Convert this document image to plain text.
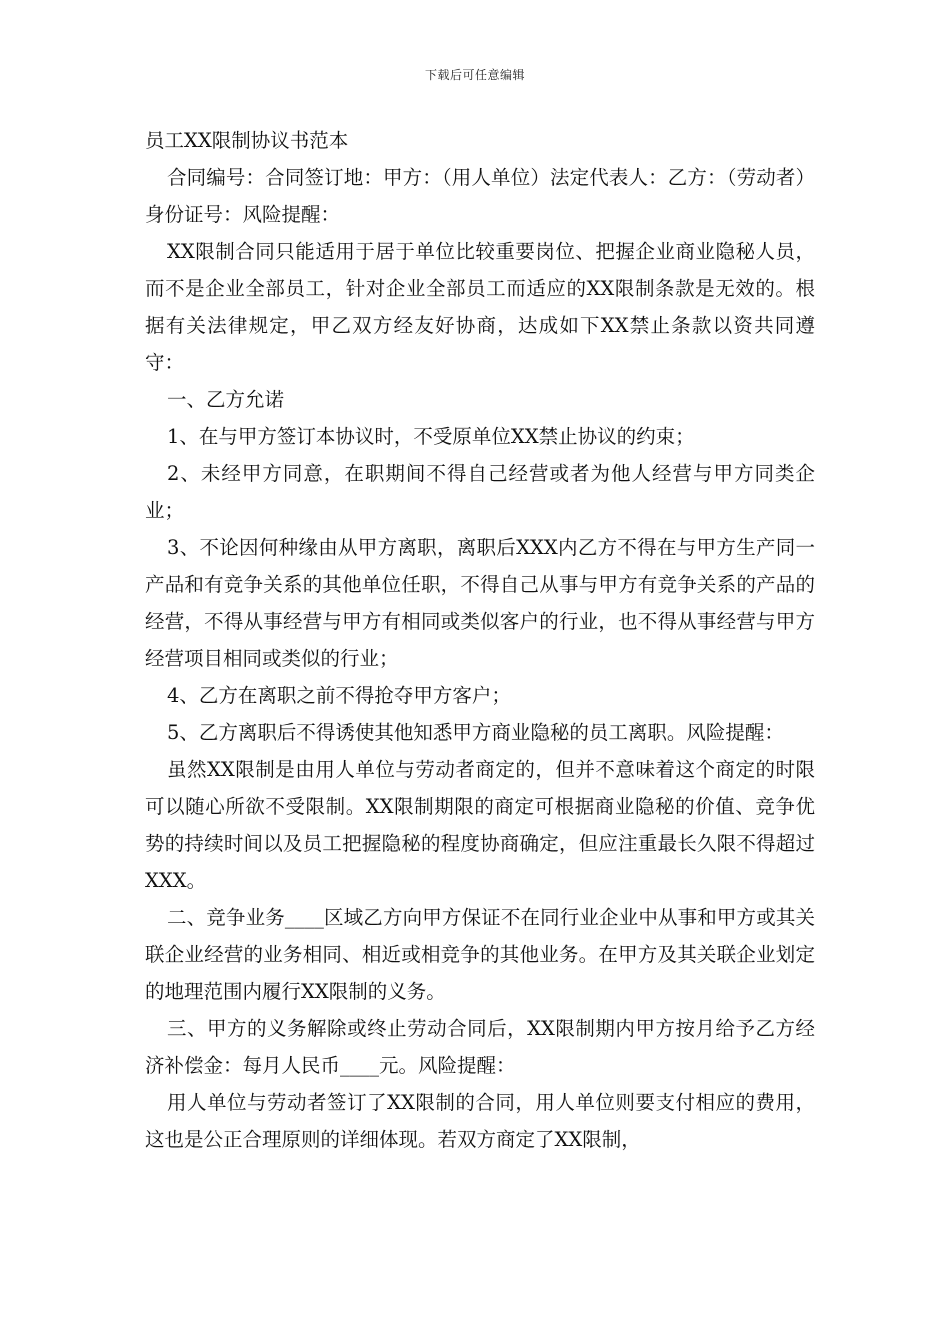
下载后可任意编辑

员工XX限制协议书范本

合同编号：合同签订地：甲方：（用人单位）法定代表人：乙方：（劳动者）身份证号：风险提醒：

XX限制合同只能适用于居于单位比较重要岗位、把握企业商业隐秘人员，而不是企业全部员工，针对企业全部员工而适应的XX限制条款是无效的。根据有关法律规定，甲乙双方经友好协商，达成如下XX禁止条款以资共同遵守：

一、乙方允诺

1、在与甲方签订本协议时，不受原单位XX禁止协议的约束；

2、未经甲方同意，在职期间不得自己经营或者为他人经营与甲方同类企业；

3、不论因何种缘由从甲方离职，离职后XXX内乙方不得在与甲方生产同一产品和有竞争关系的其他单位任职，不得自己从事与甲方有竞争关系的产品的经营，不得从事经营与甲方有相同或类似客户的行业，也不得从事经营与甲方经营项目相同或类似的行业；

4、乙方在离职之前不得抢夺甲方客户；

5、乙方离职后不得诱使其他知悉甲方商业隐秘的员工离职。风险提醒：

虽然XX限制是由用人单位与劳动者商定的，但并不意味着这个商定的时限可以随心所欲不受限制。XX限制期限的商定可根据商业隐秘的价值、竞争优势的持续时间以及员工把握隐秘的程度协商确定，但应注重最长久限不得超过XXX。

二、竞争业务____区域乙方向甲方保证不在同行业企业中从事和甲方或其关联企业经营的业务相同、相近或相竞争的其他业务。在甲方及其关联企业划定的地理范围内履行XX限制的义务。

三、甲方的义务解除或终止劳动合同后，XX限制期内甲方按月给予乙方经济补偿金：每月人民币____元。风险提醒：

用人单位与劳动者签订了XX限制的合同，用人单位则要支付相应的费用，这也是公正合理原则的详细体现。若双方商定了XX限制，
